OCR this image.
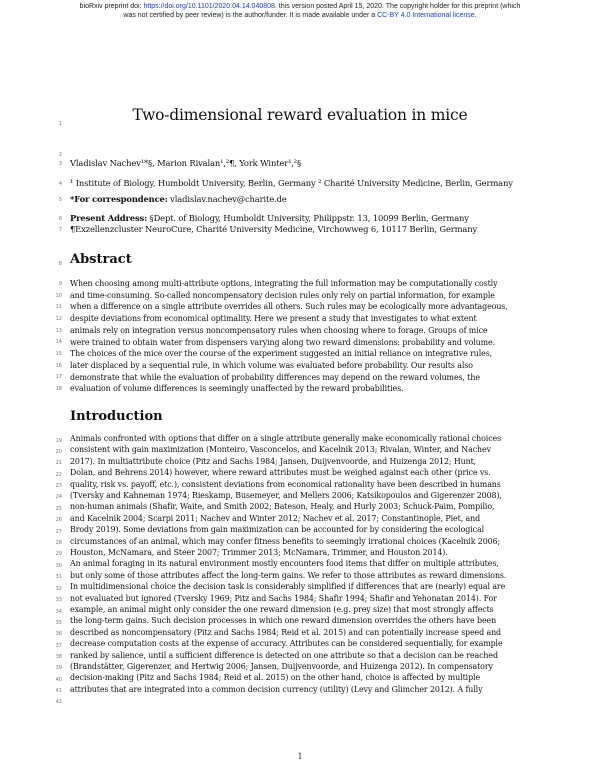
bioRxiv preprint doi: https://doi.org/10.1101/2020.04.14.040808. this version posted April 15, 2020. The copyright holder for this preprint (which
was not certified by peer review) is the author/funder. It is made available under a CC-BY 4.0 International license.
Two-dimensional reward evaluation in mice
Vladislav Nachev¹*§, Marion Rivalan¹,²¶, York Winter¹,²§
¹ Institute of Biology, Humboldt University, Berlin, Germany ² Charité University Medicine, Berlin, Germany
*For correspondence: vladislav.nachev@charite.de
Present Address: §Dept. of Biology, Humboldt University, Philippstr. 13, 10099 Berlin, Germany
¶Exzellenzcluster NeuroCure, Charité University Medicine, Virchowweg 6, 10117 Berlin, Germany
Abstract
When choosing among multi-attribute options, integrating the full information may be computationally costly
and time-consuming. So-called noncompensatory decision rules only rely on partial information, for example
when a difference on a single attribute overrides all others. Such rules may be ecologically more advantageous,
despite deviations from economical optimality. Here we present a study that investigates to what extent
animals rely on integration versus noncompensatory rules when choosing where to forage. Groups of mice
were trained to obtain water from dispensers varying along two reward dimensions: probability and volume.
The choices of the mice over the course of the experiment suggested an initial reliance on integrative rules,
later displaced by a sequential rule, in which volume was evaluated before probability. Our results also
demonstrate that while the evaluation of probability differences may depend on the reward volumes, the
evaluation of volume differences is seemingly unaffected by the reward probabilities.
Introduction
Animals confronted with options that differ on a single attribute generally make economically rational choices
consistent with gain maximization (Monteiro, Vasconcelos, and Kacelnik 2013; Rivalan, Winter, and Nachev
2017). In multiattribute choice (Pitz and Sachs 1984; Jansen, Duijvenvoorde, and Huizenga 2012; Hunt,
Dolan, and Behrens 2014) however, where reward attributes must be weighed against each other (price vs.
quality, risk vs. payoff, etc.), consistent deviations from economical rationality have been described in humans
(Tversky and Kahneman 1974; Rieskamp, Busemeyer, and Mellers 2006; Katsikopoulos and Gigerenzer 2008),
non-human animals (Shafir, Waite, and Smith 2002; Bateson, Healy, and Hurly 2003; Schuck-Paim, Pompilio,
and Kacelnik 2004; Scarpi 2011; Nachev and Winter 2012; Nachev et al. 2017; Constantinople, Piet, and
Brody 2019). Some deviations from gain maximization can be accounted for by considering the ecological
circumstances of an animal, which may confer fitness benefits to seemingly irrational choices (Kacelnik 2006;
Houston, McNamara, and Steer 2007; Trimmer 2013; McNamara, Trimmer, and Houston 2014).
An animal foraging in its natural environment mostly encounters food items that differ on multiple attributes,
but only some of those attributes affect the long-term gains. We refer to those attributes as reward dimensions.
In multidimensional choice the decision task is considerably simplified if differences that are (nearly) equal are
not evaluated but ignored (Tversky 1969; Pitz and Sachs 1984; Shafir 1994; Shafir and Yehonatan 2014). For
example, an animal might only consider the one reward dimension (e.g. prey size) that most strongly affects
the long-term gains. Such decision processes in which one reward dimension overrides the others have been
described as noncompensatory (Pitz and Sachs 1984; Reid et al. 2015) and can potentially increase speed and
decrease computation costs at the expense of accuracy. Attributes can be considered sequentially, for example
ranked by salience, until a sufficient difference is detected on one attribute so that a decision can be reached
(Brandstätter, Gigerenzer, and Hertwig 2006; Jansen, Duijvenvoorde, and Huizenga 2012). In compensatory
decision-making (Pitz and Sachs 1984; Reid et al. 2015) on the other hand, choice is affected by multiple
attributes that are integrated into a common decision currency (utility) (Levy and Glimcher 2012). A fully
1
2
3
4
5
6
7
8
9
10
11
12
13
14
15
16
17
18
19
20
21
22
23
24
25
26
27
28
29
30
31
32
33
34
35
36
37
38
39
40
41
42
1
